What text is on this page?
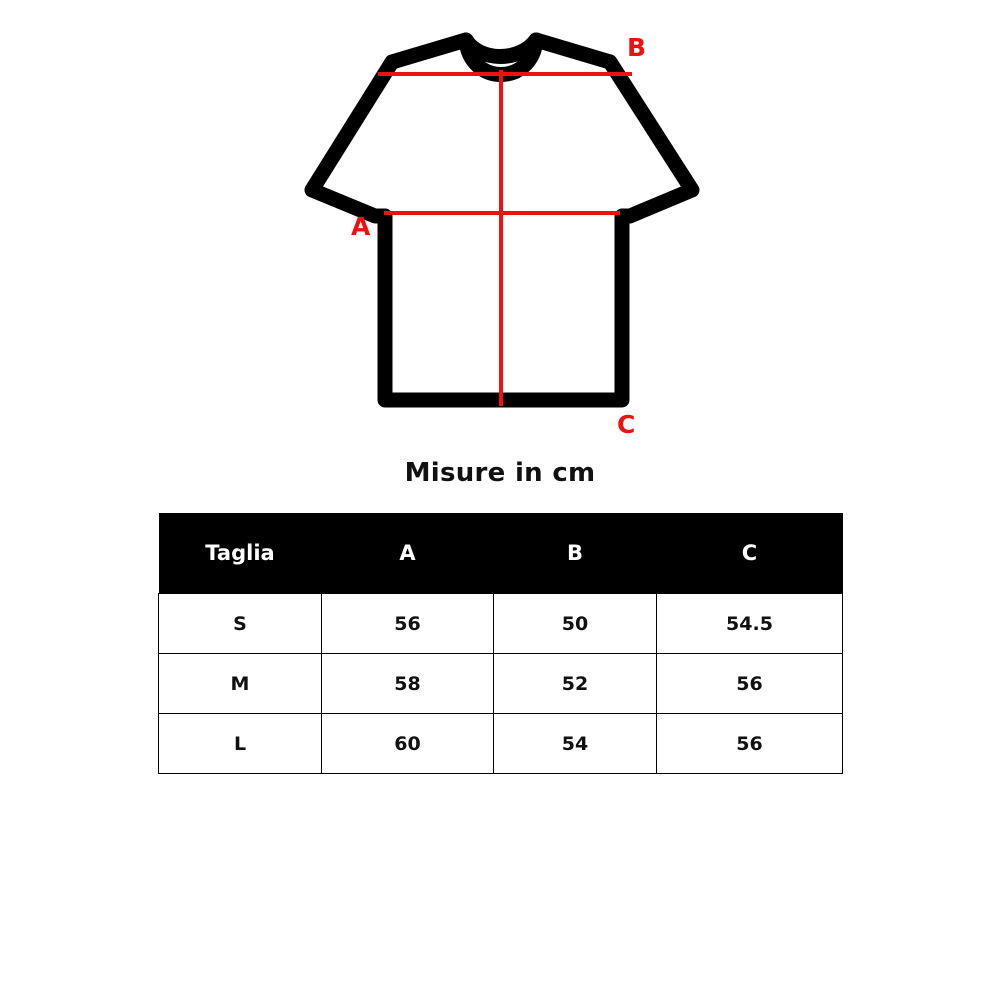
A
B
C
Misure in cm
Taglia	A	B	C
S	56	50	54.5
M	58	52	56
L	60	54	56
